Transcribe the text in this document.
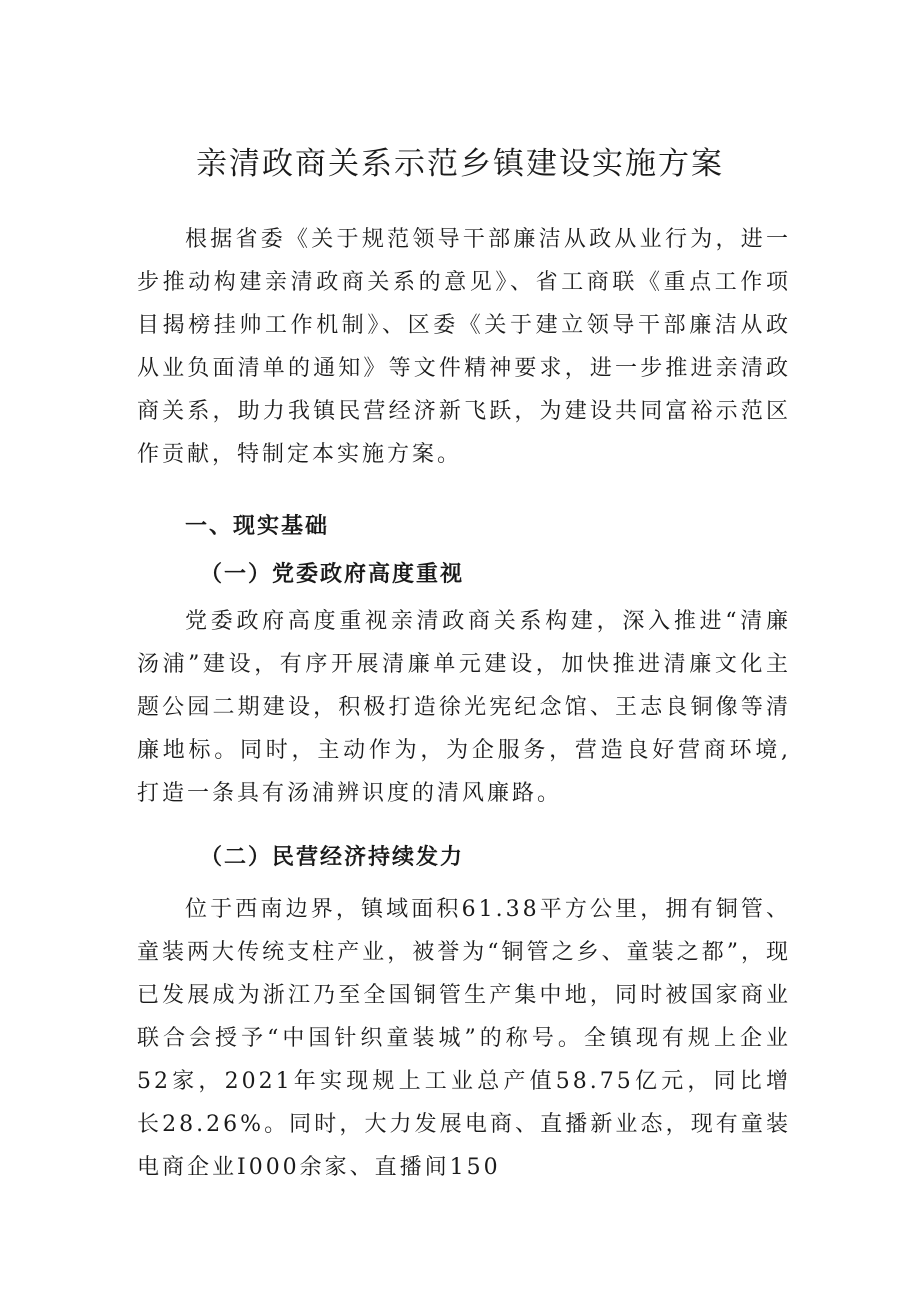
亲清政商关系示范乡镇建设实施方案

根据省委《关于规范领导干部廉洁从政从业行为，进一步推动构建亲清政商关系的意见》、省工商联《重点工作项目揭榜挂帅工作机制》、区委《关于建立领导干部廉洁从政从业负面清单的通知》等文件精神要求，进一步推进亲清政商关系，助力我镇民营经济新飞跃，为建设共同富裕示范区作贡献，特制定本实施方案。

一、现实基础
（一）党委政府高度重视

党委政府高度重视亲清政商关系构建，深入推进“清廉汤浦”建设，有序开展清廉单元建设，加快推进清廉文化主题公园二期建设，积极打造徐光宪纪念馆、王志良铜像等清廉地标。同时，主动作为，为企服务，营造良好营商环境,打造一条具有汤浦辨识度的清风廉路。

（二）民营经济持续发力

位于西南边界，镇域面积61.38平方公里，拥有铜管、童装两大传统支柱产业，被誉为“铜管之乡、童装之都”，现已发展成为浙江乃至全国铜管生产集中地，同时被国家商业联合会授予“中国针织童装城”的称号。全镇现有规上企业52家，2021年实现规上工业总产值58.75亿元，同比增长28.26%。同时，大力发展电商、直播新业态，现有童装电商企业I000余家、直播间150
